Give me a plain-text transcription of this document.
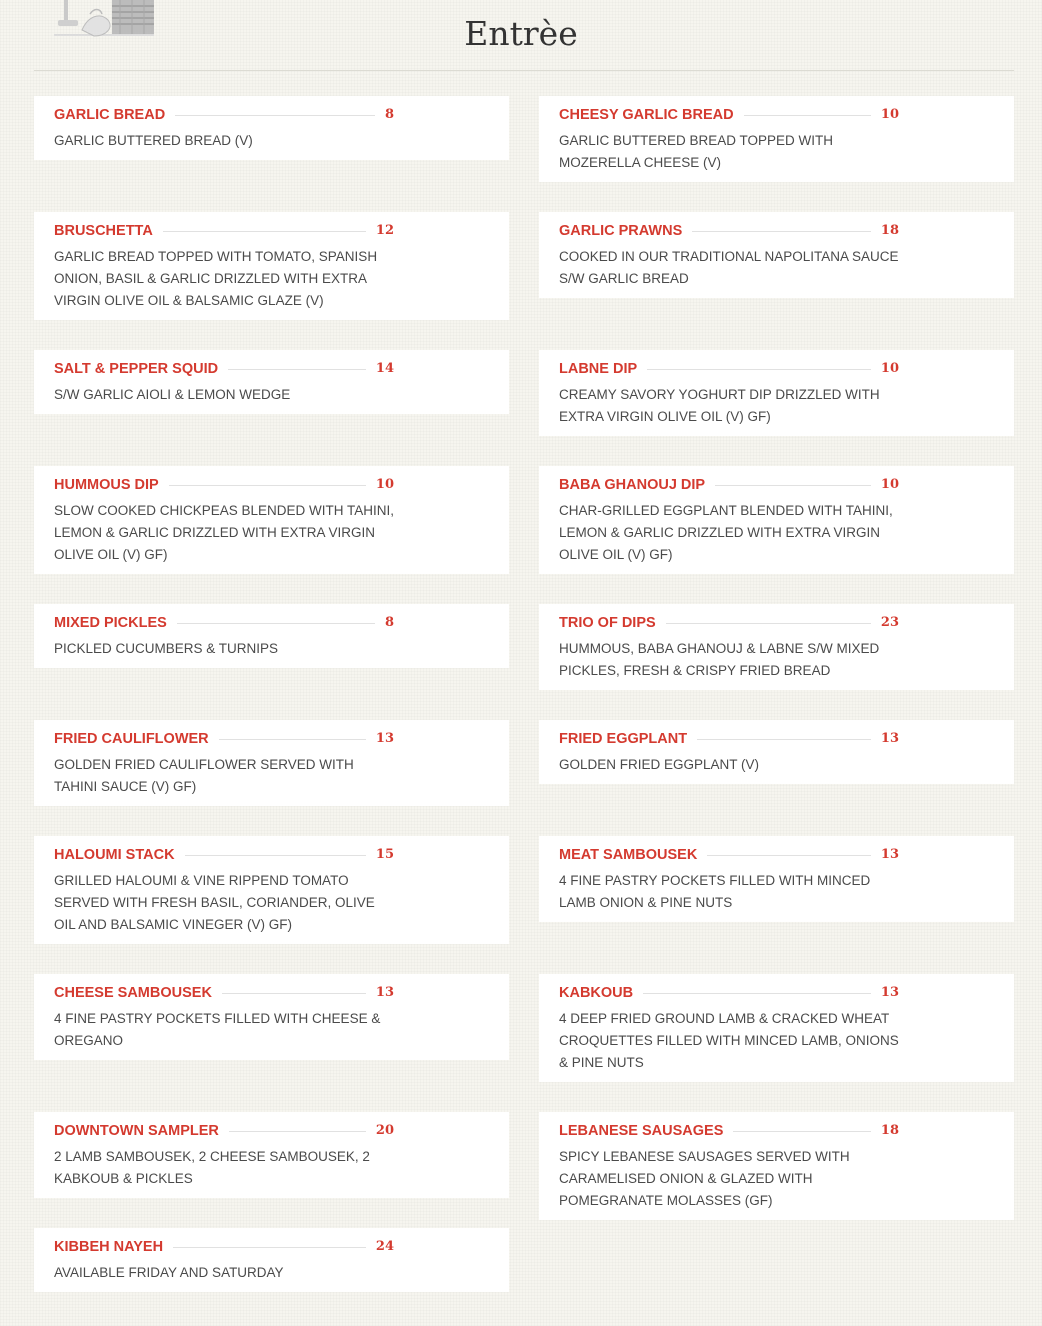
Entrèe
GARLIC BREAD	8
GARLIC BUTTERED BREAD (V)
CHEESY GARLIC BREAD	10
GARLIC BUTTERED BREAD TOPPED WITH MOZERELLA CHEESE (V)
BRUSCHETTA	12
GARLIC BREAD TOPPED WITH TOMATO, SPANISH ONION, BASIL & GARLIC DRIZZLED WITH EXTRA VIRGIN OLIVE OIL & BALSAMIC GLAZE (V)
GARLIC PRAWNS	18
COOKED IN OUR TRADITIONAL NAPOLITANA SAUCE S/W GARLIC BREAD
SALT & PEPPER SQUID	14
S/W GARLIC AIOLI & LEMON WEDGE
LABNE DIP	10
CREAMY SAVORY YOGHURT DIP DRIZZLED WITH EXTRA VIRGIN OLIVE OIL (V) GF)
HUMMOUS DIP	10
SLOW COOKED CHICKPEAS BLENDED WITH TAHINI, LEMON & GARLIC DRIZZLED WITH EXTRA VIRGIN OLIVE OIL (V) GF)
BABA GHANOUJ DIP	10
CHAR-GRILLED EGGPLANT BLENDED WITH TAHINI, LEMON & GARLIC DRIZZLED WITH EXTRA VIRGIN OLIVE OIL (V) GF)
MIXED PICKLES	8
PICKLED CUCUMBERS & TURNIPS
TRIO OF DIPS	23
HUMMOUS, BABA GHANOUJ & LABNE S/W MIXED PICKLES, FRESH & CRISPY FRIED BREAD
FRIED CAULIFLOWER	13
GOLDEN FRIED CAULIFLOWER SERVED WITH TAHINI SAUCE (V) GF)
FRIED EGGPLANT	13
GOLDEN FRIED EGGPLANT (V)
HALOUMI STACK	15
GRILLED HALOUMI & VINE RIPPEND TOMATO SERVED WITH FRESH BASIL, CORIANDER, OLIVE OIL AND BALSAMIC VINEGER (V) GF)
MEAT SAMBOUSEK	13
4 FINE PASTRY POCKETS FILLED WITH MINCED LAMB ONION & PINE NUTS
CHEESE SAMBOUSEK	13
4 FINE PASTRY POCKETS FILLED WITH CHEESE & OREGANO
KABKOUB	13
4 DEEP FRIED GROUND LAMB & CRACKED WHEAT CROQUETTES FILLED WITH MINCED LAMB, ONIONS & PINE NUTS
DOWNTOWN SAMPLER	20
2 LAMB SAMBOUSEK, 2 CHEESE SAMBOUSEK, 2 KABKOUB & PICKLES
LEBANESE SAUSAGES	18
SPICY LEBANESE SAUSAGES SERVED WITH CARAMELISED ONION & GLAZED WITH POMEGRANATE MOLASSES (GF)
KIBBEH NAYEH	24
AVAILABLE FRIDAY AND SATURDAY
